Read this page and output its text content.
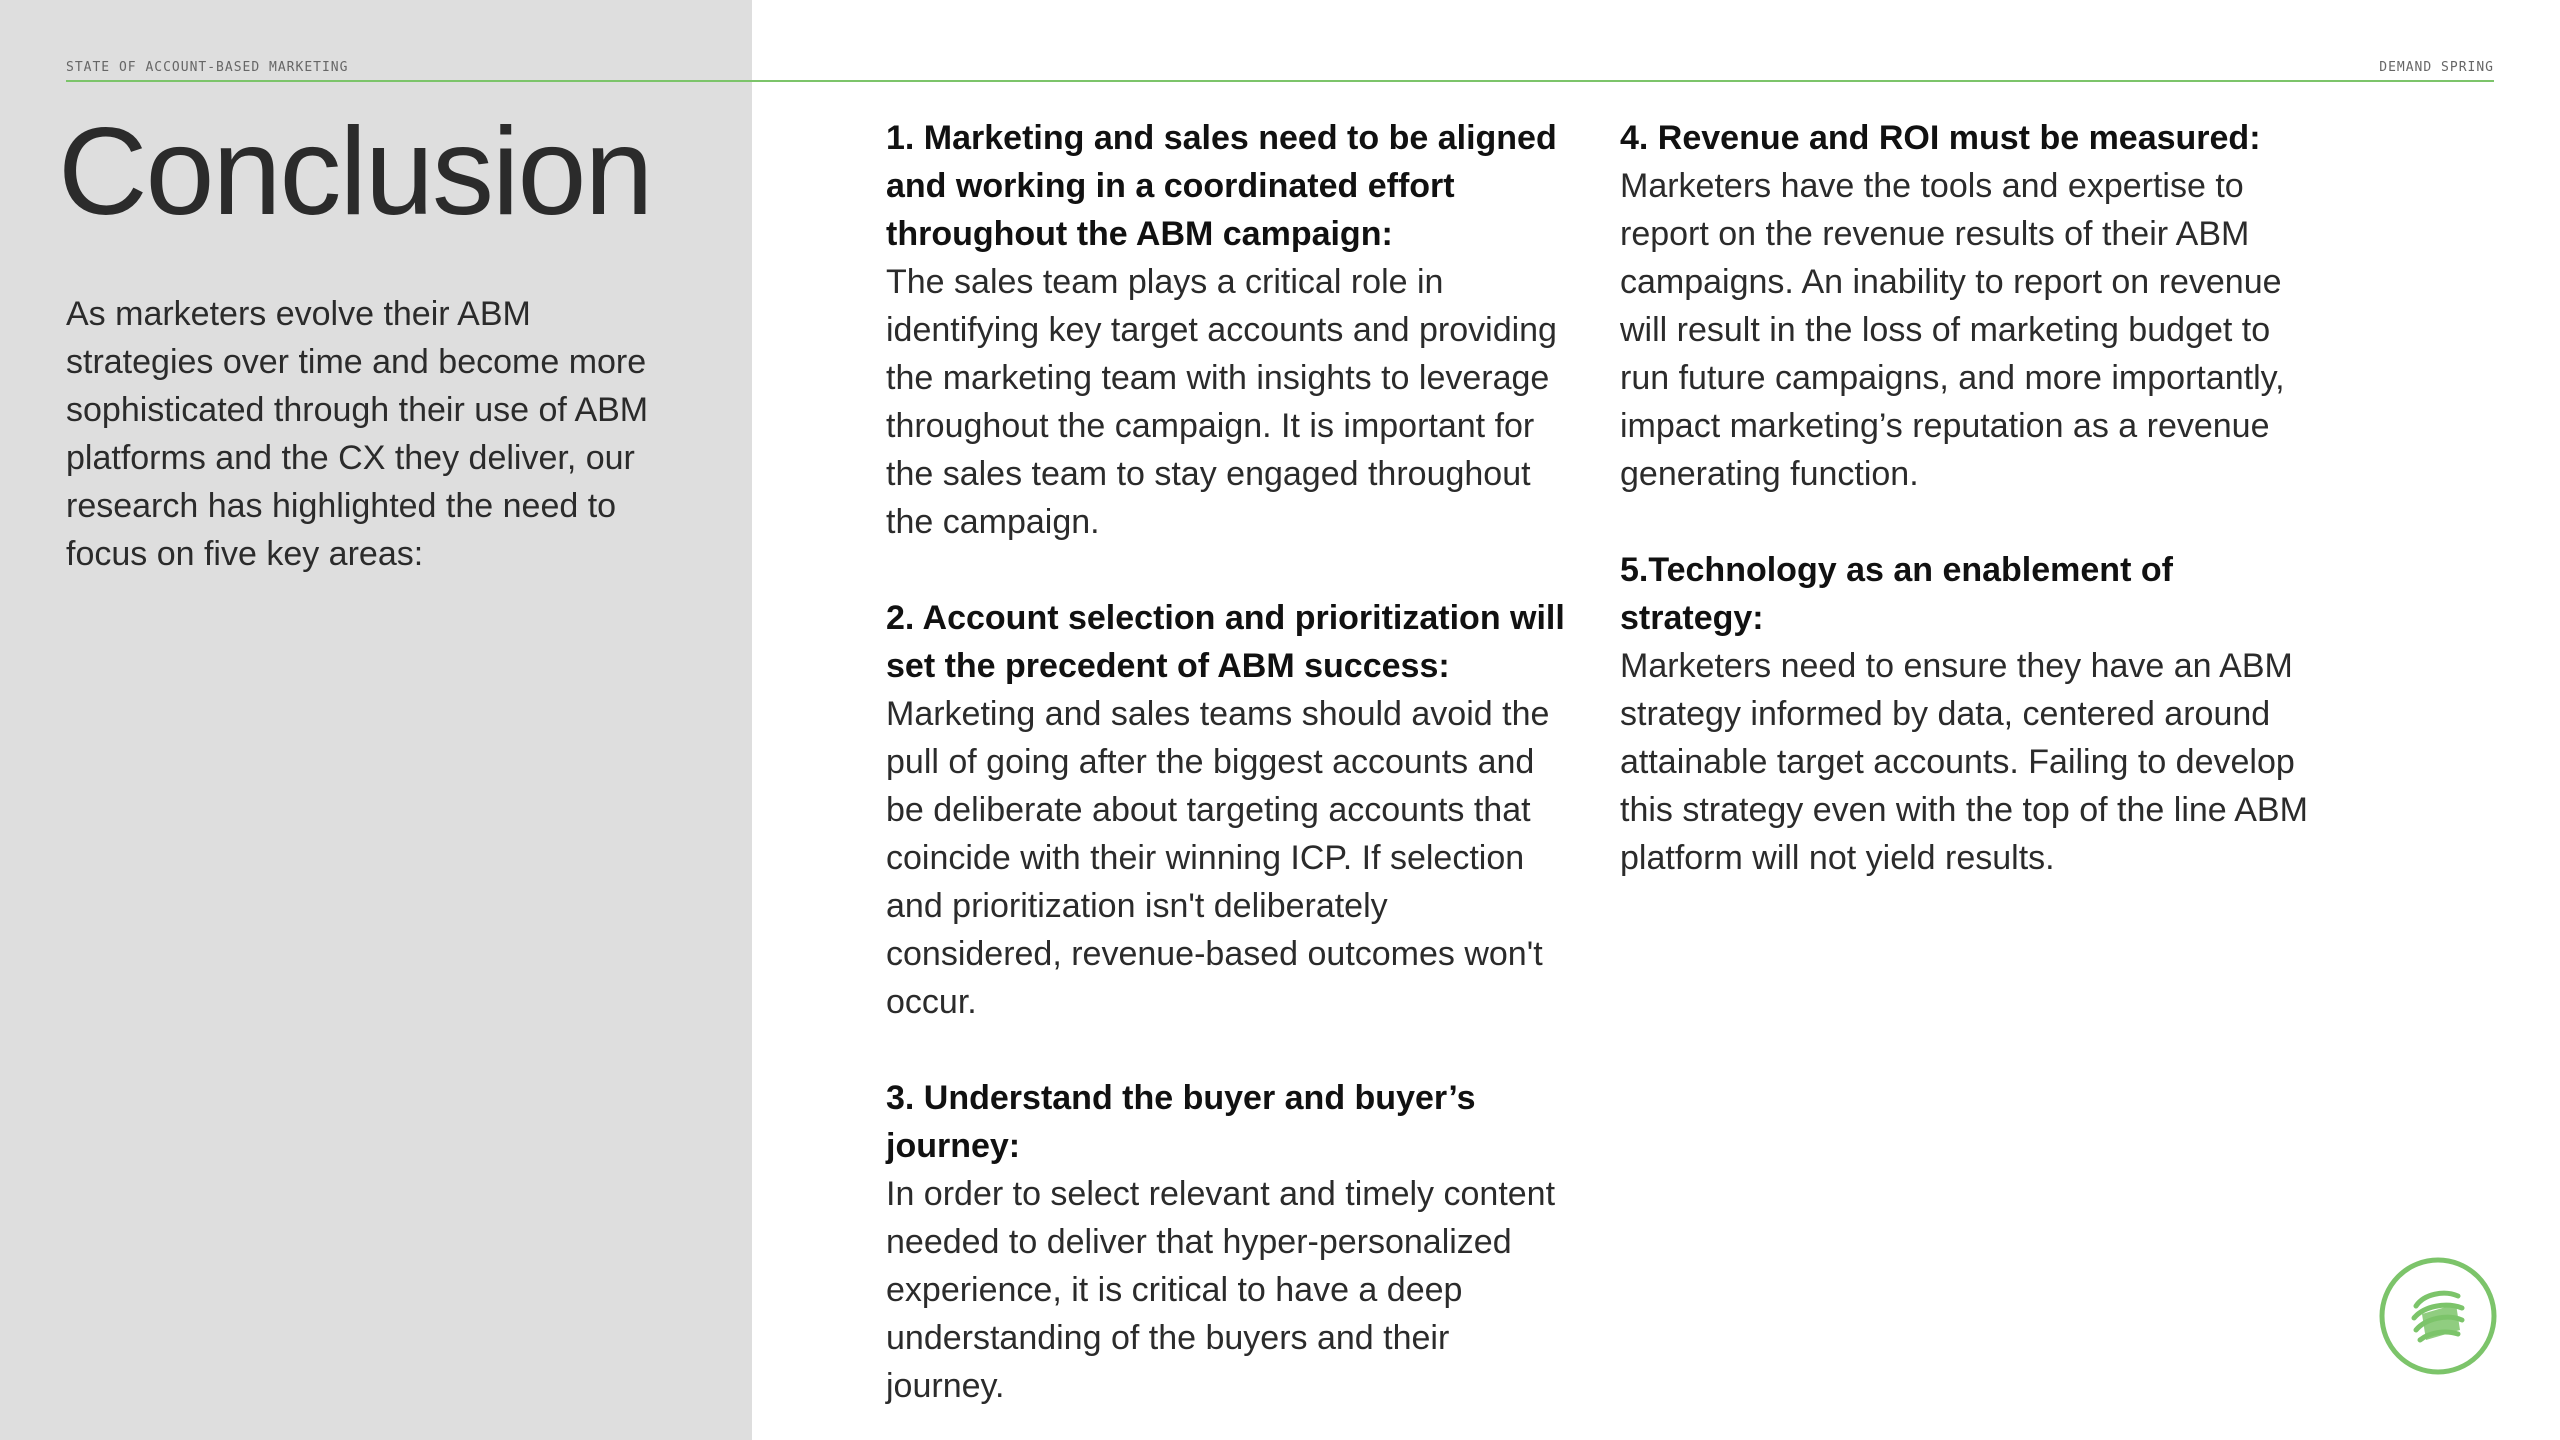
STATE OF ACCOUNT-BASED MARKETING	DEMAND SPRING
Conclusion

As marketers evolve their ABM strategies over time and become more sophisticated through their use of ABM platforms and the CX they deliver, our research has highlighted the need to focus on five key areas:

1. Marketing and sales need to be aligned and working in a coordinated effort throughout the ABM campaign:
The sales team plays a critical role in identifying key target accounts and providing the marketing team with insights to leverage throughout the campaign. It is important for the sales team to stay engaged throughout the campaign.
2. Account selection and prioritization will set the precedent of ABM success:
Marketing and sales teams should avoid the pull of going after the biggest accounts and be deliberate about targeting accounts that coincide with their winning ICP. If selection and prioritization isn't deliberately considered, revenue-based outcomes won't occur.
3. Understand the buyer and buyer’s journey:
In order to select relevant and timely content needed to deliver that hyper-personalized experience, it is critical to have a deep understanding of the buyers and their journey.
4. Revenue and ROI must be measured:
Marketers have the tools and expertise to report on the revenue results of their ABM campaigns. An inability to report on revenue will result in the loss of marketing budget to run future campaigns, and more importantly, impact marketing’s reputation as a revenue generating function.
5.Technology as an enablement of strategy:
Marketers need to ensure they have an ABM strategy informed by data, centered around attainable target accounts. Failing to develop this strategy even with the top of the line ABM platform will not yield results.
